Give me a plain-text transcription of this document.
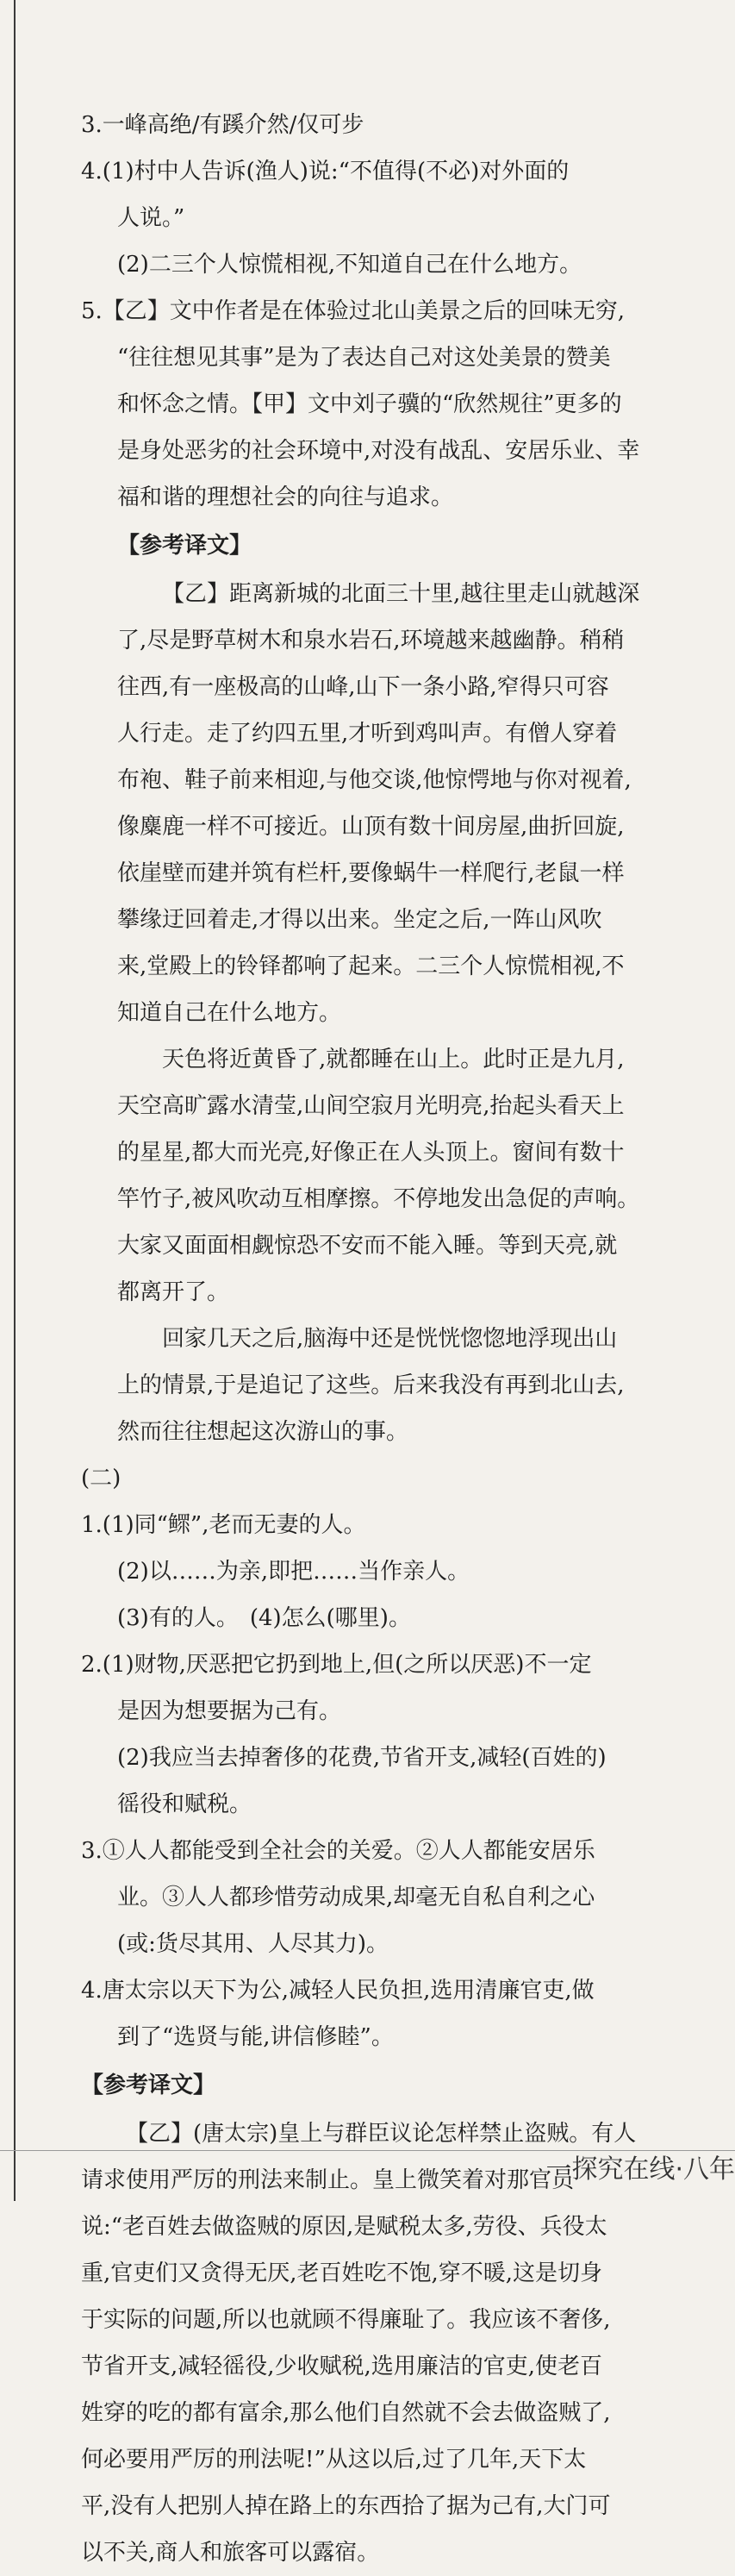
3.一峰高绝/有蹊介然/仅可步
4.(1)村中人告诉(渔人)说:“不值得(不必)对外面的
人说。”
(2)二三个人惊慌相视,不知道自己在什么地方。
5.【乙】文中作者是在体验过北山美景之后的回味无穷,
“往往想见其事”是为了表达自己对这处美景的赞美
和怀念之情。【甲】文中刘子骥的“欣然规往”更多的
是身处恶劣的社会环境中,对没有战乱、安居乐业、幸
福和谐的理想社会的向往与追求。
【参考译文】
【乙】距离新城的北面三十里,越往里走山就越深
了,尽是野草树木和泉水岩石,环境越来越幽静。稍稍
往西,有一座极高的山峰,山下一条小路,窄得只可容
人行走。走了约四五里,才听到鸡叫声。有僧人穿着
布袍、鞋子前来相迎,与他交谈,他惊愕地与你对视着,
像麋鹿一样不可接近。山顶有数十间房屋,曲折回旋,
依崖壁而建并筑有栏杆,要像蜗牛一样爬行,老鼠一样
攀缘迂回着走,才得以出来。坐定之后,一阵山风吹
来,堂殿上的铃铎都响了起来。二三个人惊慌相视,不
知道自己在什么地方。
天色将近黄昏了,就都睡在山上。此时正是九月,
天空高旷露水清莹,山间空寂月光明亮,抬起头看天上
的星星,都大而光亮,好像正在人头顶上。窗间有数十
竿竹子,被风吹动互相摩擦。不停地发出急促的声响。
大家又面面相觑惊恐不安而不能入睡。等到天亮,就
都离开了。
回家几天之后,脑海中还是恍恍惚惚地浮现出山
上的情景,于是追记了这些。后来我没有再到北山去,
然而往往想起这次游山的事。
(二)
1.(1)同“鳏”,老而无妻的人。
(2)以……为亲,即把……当作亲人。
(3)有的人。　(4)怎么(哪里)。
2.(1)财物,厌恶把它扔到地上,但(之所以厌恶)不一定
是因为想要据为己有。
(2)我应当去掉奢侈的花费,节省开支,减轻(百姓的)
徭役和赋税。
3.①人人都能受到全社会的关爱。②人人都能安居乐
业。③人人都珍惜劳动成果,却毫无自私自利之心
(或:货尽其用、人尽其力)。
4.唐太宗以天下为公,减轻人民负担,选用清廉官吏,做
到了“选贤与能,讲信修睦”。
【参考译文】
【乙】(唐太宗)皇上与群臣议论怎样禁止盗贼。有人
请求使用严厉的刑法来制止。皇上微笑着对那官员
说:“老百姓去做盗贼的原因,是赋税太多,劳役、兵役太
重,官吏们又贪得无厌,老百姓吃不饱,穿不暖,这是切身
于实际的问题,所以也就顾不得廉耻了。我应该不奢侈,
节省开支,减轻徭役,少收赋税,选用廉洁的官吏,使老百
姓穿的吃的都有富余,那么他们自然就不会去做盗贼了,
何必要用严厉的刑法呢!”从这以后,过了几年,天下太
平,没有人把别人掉在路上的东西拾了据为己有,大门可
以不关,商人和旅客可以露宿。
一探究在线·八年
